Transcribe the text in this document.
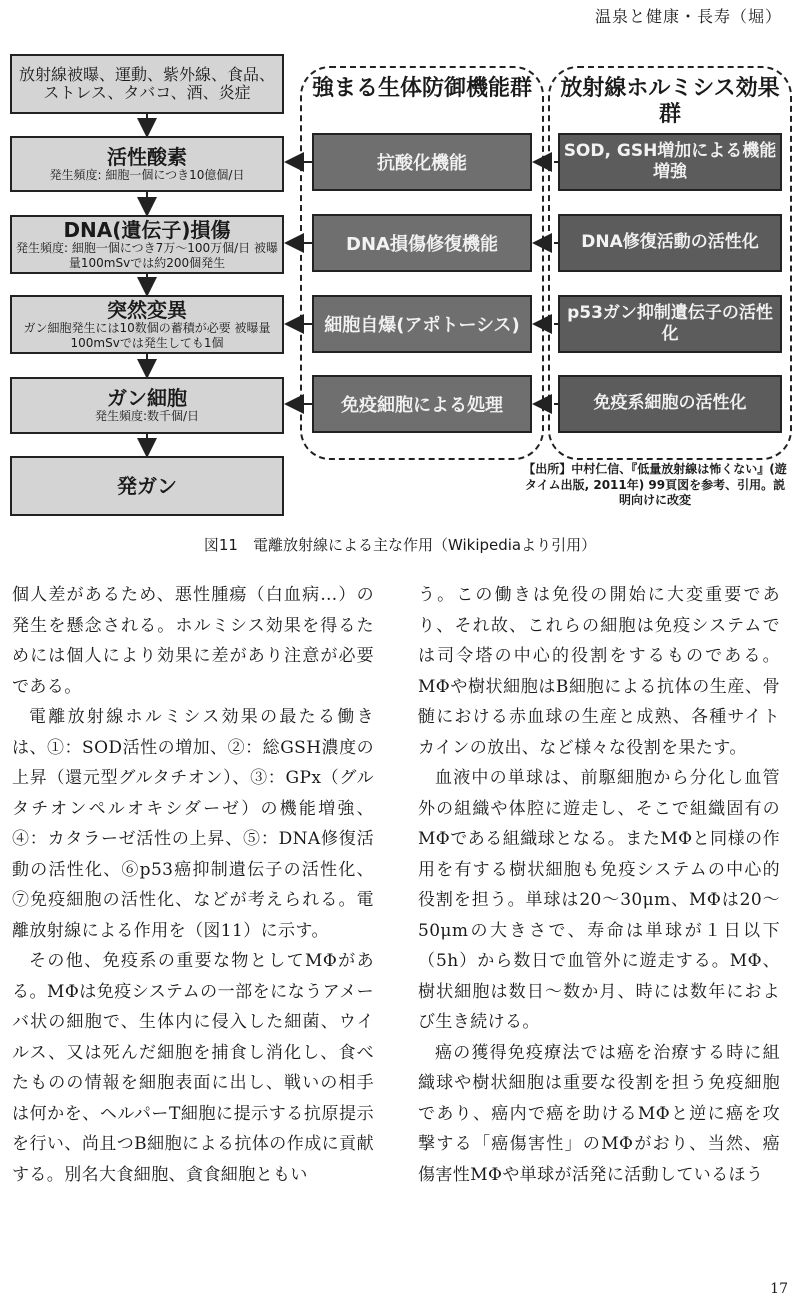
温泉と健康・長寿（堀）
放射線被曝、運動、紫外線、食品、ストレス、タバコ、酒、炎症
活性酸素
発生頻度: 細胞一個につき10億個/日
DNA(遺伝子)損傷
発生頻度: 細胞一個につき7万～100万個/日 被曝量100mSvでは約200個発生
突然変異
ガン細胞発生には10数個の蓄積が必要 被曝量100mSvでは発生しても1個
ガン細胞
発生頻度:数千個/日
発ガン
強まる生体防御機能群
抗酸化機能
DNA損傷修復機能
細胞自爆(アポトーシス)
免疫細胞による処理
放射線ホルミシス効果群
SOD, GSH増加による機能増強
DNA修復活動の活性化
p53ガン抑制遺伝子の活性化
免疫系細胞の活性化
【出所】中村仁信、『低量放射線は怖くない』(遊タイム出版, 2011年) 99頁図を参考、引用。説明向けに改変
図11　電離放射線による主な作用（Wikipediaより引用）

個人差があるため、悪性腫瘍（白血病…）の発生を懸念される。ホルミシス効果を得るためには個人により効果に差があり注意が必要である。

電離放射線ホルミシス効果の最たる働きは、①：SOD活性の増加、②：総GSH濃度の上昇（還元型グルタチオン）、③：GPx（グルタチオンペルオキシダーゼ）の機能増強、④：カタラーゼ活性の上昇、⑤：DNA修復活動の活性化、⑥p53癌抑制遺伝子の活性化、⑦免疫細胞の活性化、などが考えられる。電離放射線による作用を（図11）に示す。

その他、免疫系の重要な物としてMΦがある。MΦは免疫システムの一部をになうアメーバ状の細胞で、生体内に侵入した細菌、ウイルス、又は死んだ細胞を捕食し消化し、食べたものの情報を細胞表面に出し、戦いの相手は何かを、ヘルパーT細胞に提示する抗原提示を行い、尚且つB細胞による抗体の作成に貢献する。別名大食細胞、貪食細胞ともい

う。この働きは免役の開始に大変重要であり、それ故、これらの細胞は免疫システムでは司令塔の中心的役割をするものである。MΦや樹状細胞はB細胞による抗体の生産、骨髄における赤血球の生産と成熟、各種サイトカインの放出、など様々な役割を果たす。

血液中の単球は、前駆細胞から分化し血管外の組織や体腔に遊走し、そこで組織固有のMΦである組織球となる。またMΦと同様の作用を有する樹状細胞も免疫システムの中心的役割を担う。単球は20～30μm、MΦは20～50μmの大きさで、寿命は単球が１日以下（5h）から数日で血管外に遊走する。MΦ、樹状細胞は数日～数か月、時には数年におよび生き続ける。

癌の獲得免疫療法では癌を治療する時に組織球や樹状細胞は重要な役割を担う免疫細胞であり、癌内で癌を助けるMΦと逆に癌を攻撃する「癌傷害性」のMΦがおり、当然、癌傷害性MΦや単球が活発に活動しているほう

17
